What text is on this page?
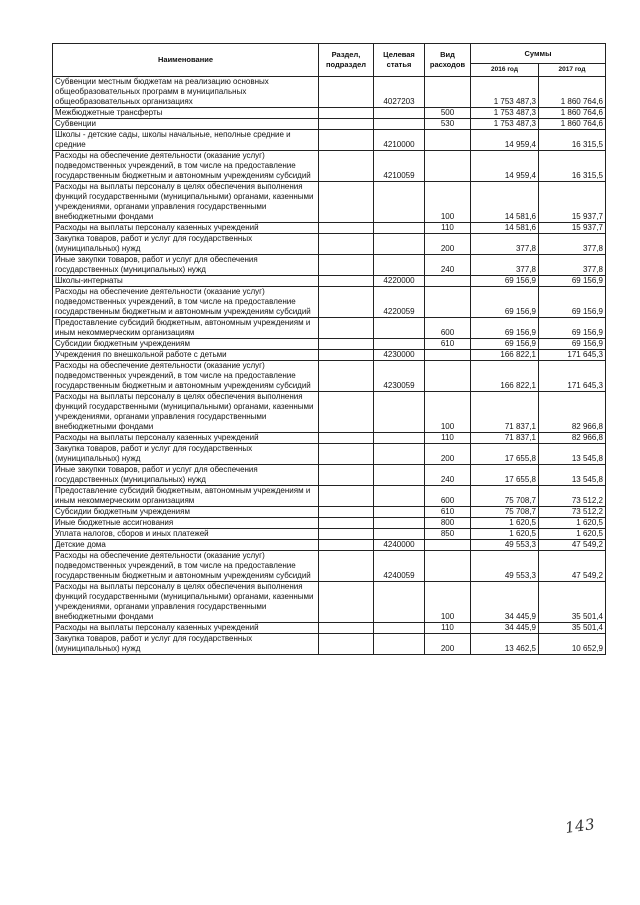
Наименование	Раздел, подраздел	Целевая статья	Вид расходов	Суммы	
				2016 год	2017 год
Субвенции местным бюджетам на реализацию основных общеобразовательных программ в муниципальных общеобразовательных организациях		4027203		1 753 487,3	1 860 764,6
Межбюджетные трансферты			500	1 753 487,3	1 860 764,6
Субвенции			530	1 753 487,3	1 860 764,6
Школы - детские сады, школы начальные, неполные средние и средние		4210000		14 959,4	16 315,5
Расходы на обеспечение деятельности (оказание услуг) подведомственных учреждений, в том числе на предоставление государственным бюджетным и автономным учреждениям субсидий		4210059		14 959,4	16 315,5
Расходы на выплаты персоналу в целях обеспечения выполнения функций государственными (муниципальными) органами, казенными учреждениями, органами управления государственными внебюджетными фондами			100	14 581,6	15 937,7
Расходы на выплаты персоналу казенных учреждений			110	14 581,6	15 937,7
Закупка товаров, работ и услуг для государственных (муниципальных) нужд			200	377,8	377,8
Иные закупки товаров, работ и услуг для обеспечения государственных (муниципальных) нужд			240	377,8	377,8
Школы-интернаты		4220000		69 156,9	69 156,9
Расходы на обеспечение деятельности (оказание услуг) подведомственных учреждений, в том числе на предоставление государственным бюджетным и автономным учреждениям субсидий		4220059		69 156,9	69 156,9
Предоставление субсидий бюджетным, автономным учреждениям и иным некоммерческим организациям			600	69 156,9	69 156,9
Субсидии бюджетным учреждениям			610	69 156,9	69 156,9
Учреждения по внешкольной работе с детьми		4230000		166 822,1	171 645,3
Расходы на обеспечение деятельности (оказание услуг) подведомственных учреждений, в том числе на предоставление государственным бюджетным и автономным учреждениям субсидий		4230059		166 822,1	171 645,3
Расходы на выплаты персоналу в целях обеспечения выполнения функций государственными (муниципальными) органами, казенными учреждениями, органами управления государственными внебюджетными фондами			100	71 837,1	82 966,8
Расходы на выплаты персоналу казенных учреждений			110	71 837,1	82 966,8
Закупка товаров, работ и услуг для государственных (муниципальных) нужд			200	17 655,8	13 545,8
Иные закупки товаров, работ и услуг для обеспечения государственных (муниципальных) нужд			240	17 655,8	13 545,8
Предоставление субсидий бюджетным, автономным учреждениям и иным некоммерческим организациям			600	75 708,7	73 512,2
Субсидии бюджетным учреждениям			610	75 708,7	73 512,2
Иные бюджетные ассигнования			800	1 620,5	1 620,5
Уплата налогов, сборов и иных платежей			850	1 620,5	1 620,5
Детские дома		4240000		49 553,3	47 549,2
Расходы на обеспечение деятельности (оказание услуг) подведомственных учреждений, в том числе на предоставление государственным бюджетным и автономным учреждениям субсидий		4240059		49 553,3	47 549,2
Расходы на выплаты персоналу в целях обеспечения выполнения функций государственными (муниципальными) органами, казенными учреждениями, органами управления государственными внебюджетными фондами			100	34 445,9	35 501,4
Расходы на выплаты персоналу казенных учреждений			110	34 445,9	35 501,4
Закупка товаров, работ и услуг для государственных (муниципальных) нужд			200	13 462,5	10 652,9
143
